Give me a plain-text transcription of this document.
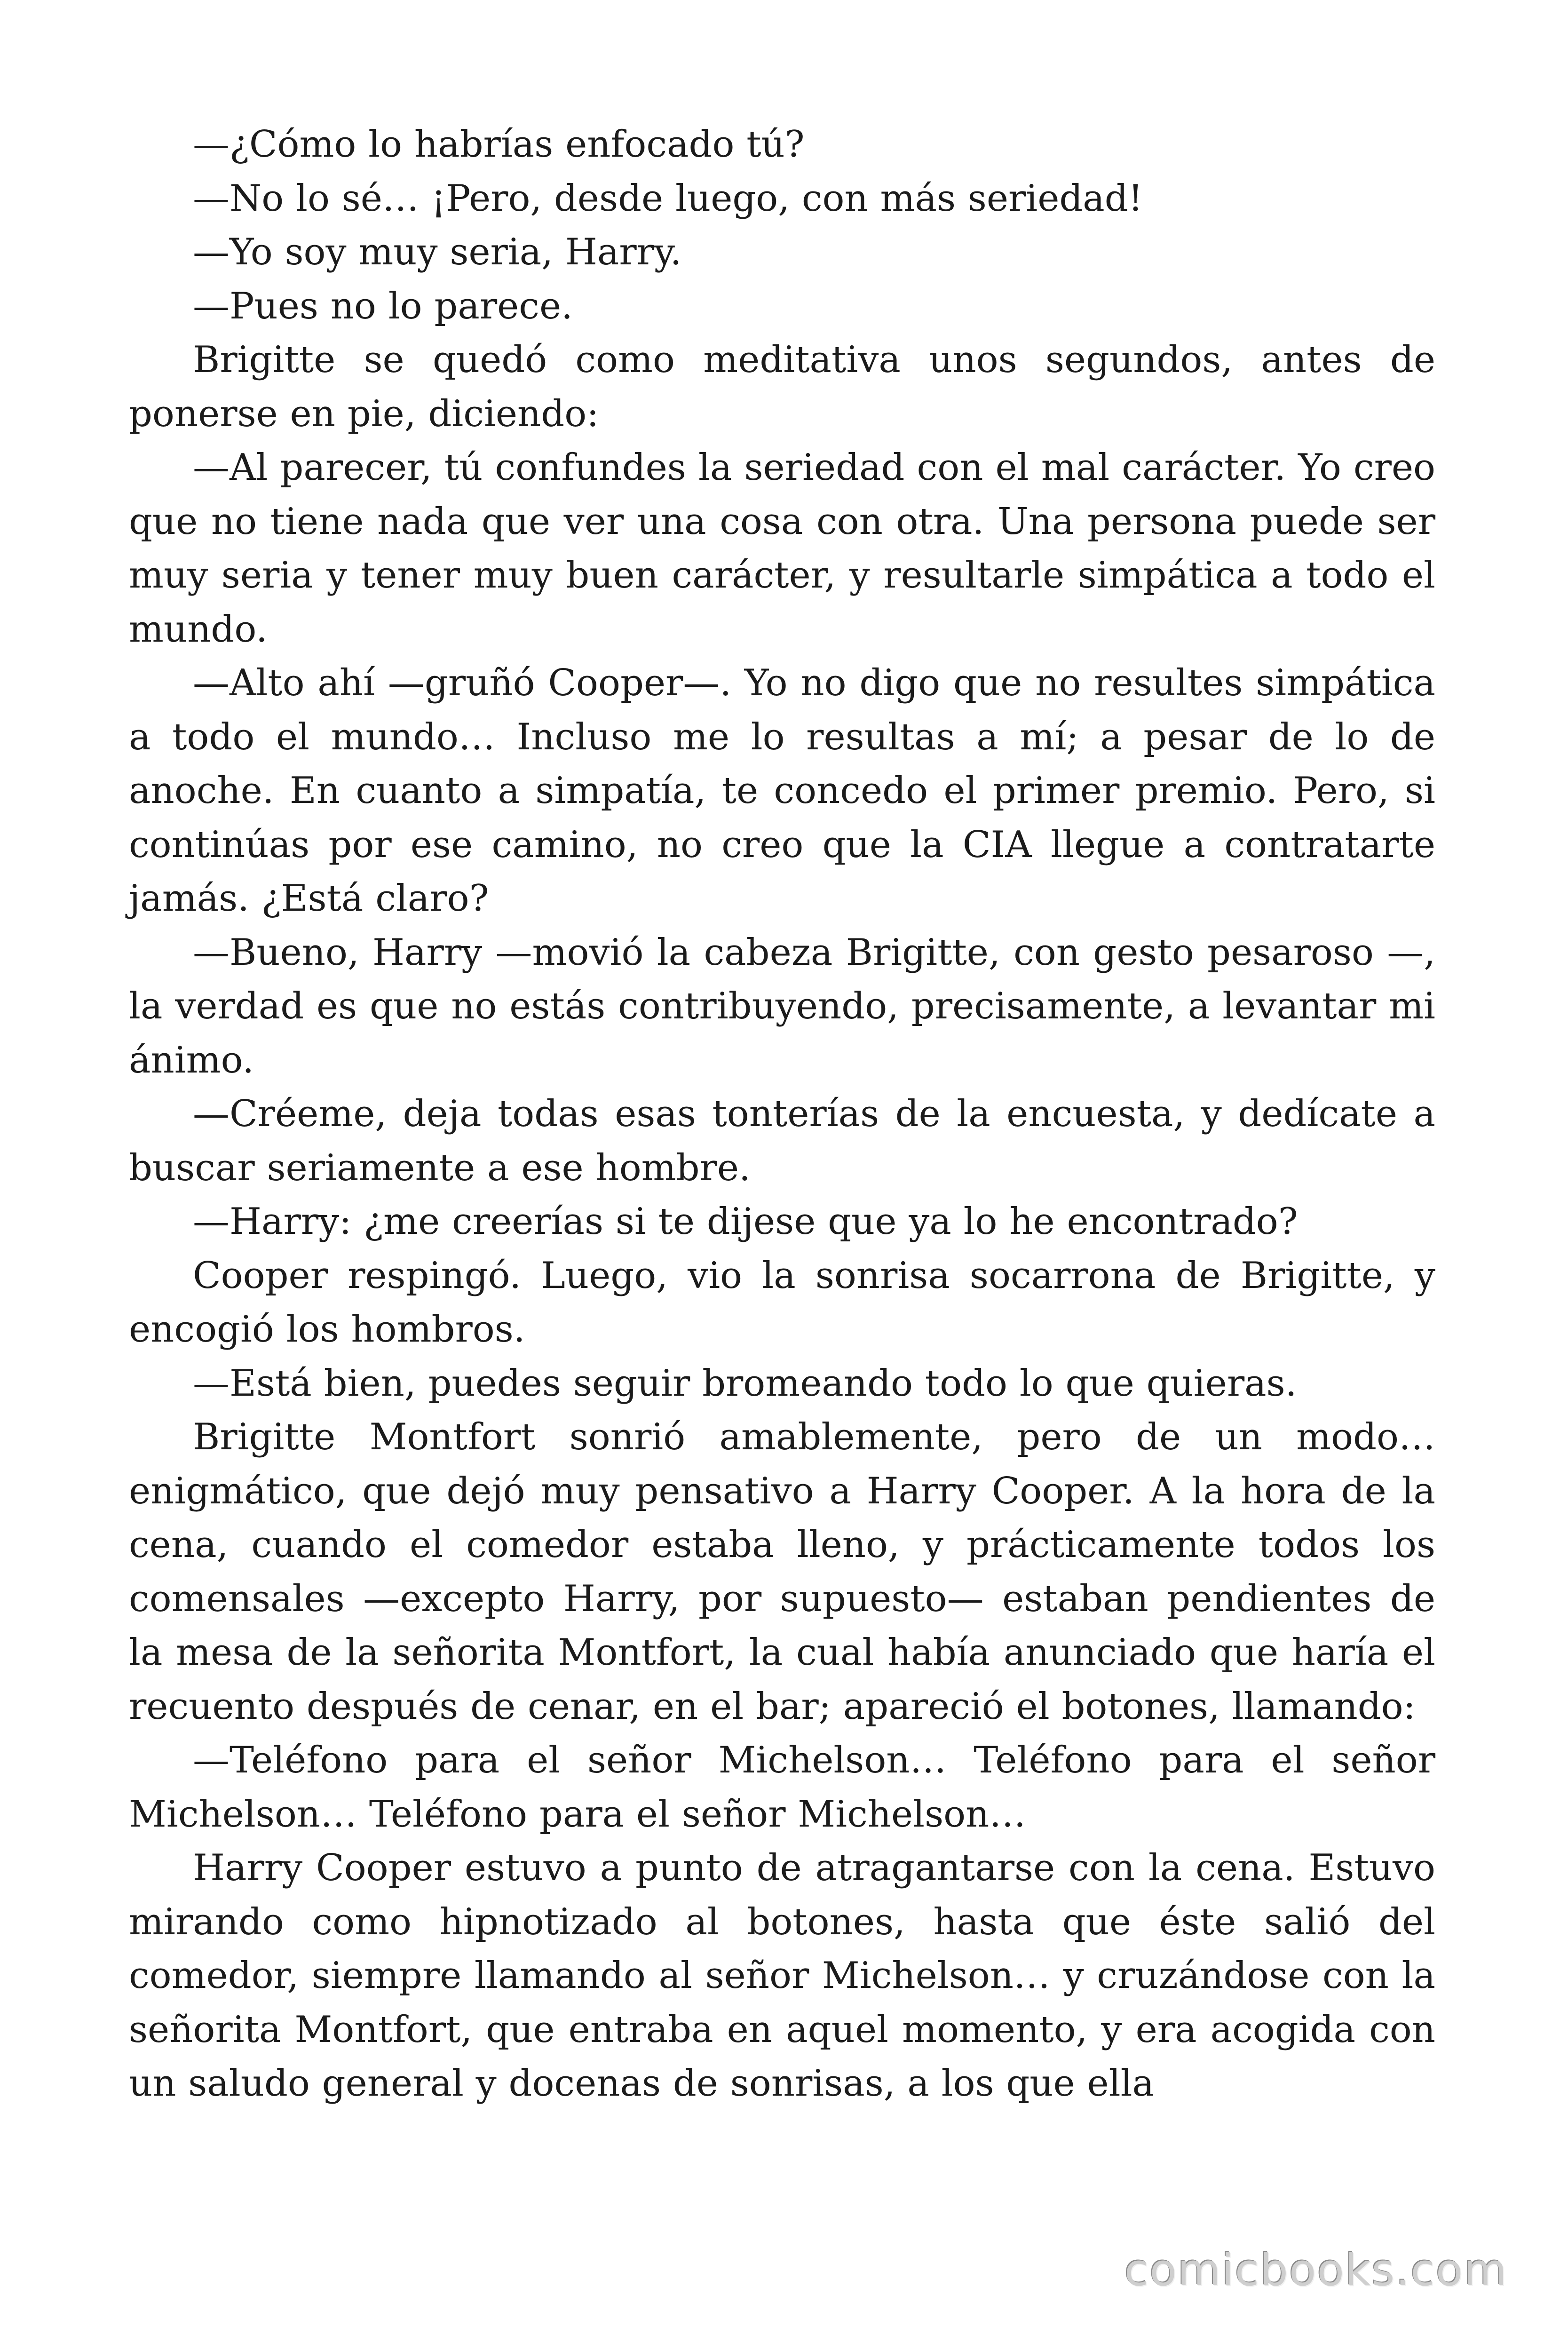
—¿Cómo lo habrías enfocado tú?

—No lo sé… ¡Pero, desde luego, con más seriedad!

—Yo soy muy seria, Harry.

—Pues no lo parece.

Brigitte se quedó como meditativa unos segundos, antes de ponerse en pie, diciendo:

—Al parecer, tú confundes la seriedad con el mal carácter. Yo creo que no tiene nada que ver una cosa con otra. Una persona puede ser muy seria y tener muy buen carácter, y resultarle simpática a todo el mundo.

—Alto ahí —gruñó Cooper—. Yo no digo que no resultes simpática a todo el mundo… Incluso me lo resultas a mí; a pesar de lo de anoche. En cuanto a simpatía, te concedo el primer premio. Pero, si continúas por ese camino, no creo que la CIA llegue a contratarte jamás. ¿Está claro?

—Bueno, Harry —movió la cabeza Brigitte, con gesto pesaroso —, la verdad es que no estás contribuyendo, precisamente, a levantar mi ánimo.

—Créeme, deja todas esas tonterías de la encuesta, y dedícate a buscar seriamente a ese hombre.

—Harry: ¿me creerías si te dijese que ya lo he encontrado?

Cooper respingó. Luego, vio la sonrisa socarrona de Brigitte, y encogió los hombros.

—Está bien, puedes seguir bromeando todo lo que quieras.

Brigitte Montfort sonrió amablemente, pero de un modo… enigmático, que dejó muy pensativo a Harry Cooper. A la hora de la cena, cuando el comedor estaba lleno, y prácticamente todos los comensales —excepto Harry, por supuesto— estaban pendientes de la mesa de la señorita Montfort, la cual había anunciado que haría el recuento después de cenar, en el bar; apareció el botones, llamando:

—Teléfono para el señor Michelson… Teléfono para el señor Michelson… Teléfono para el señor Michelson…

Harry Cooper estuvo a punto de atragantarse con la cena. Estuvo mirando como hipnotizado al botones, hasta que éste salió del comedor, siempre llamando al señor Michelson… y cruzándose con la señorita Montfort, que entraba en aquel momento, y era acogida con un saludo general y docenas de sonrisas, a los que ella

comicbooks.com
